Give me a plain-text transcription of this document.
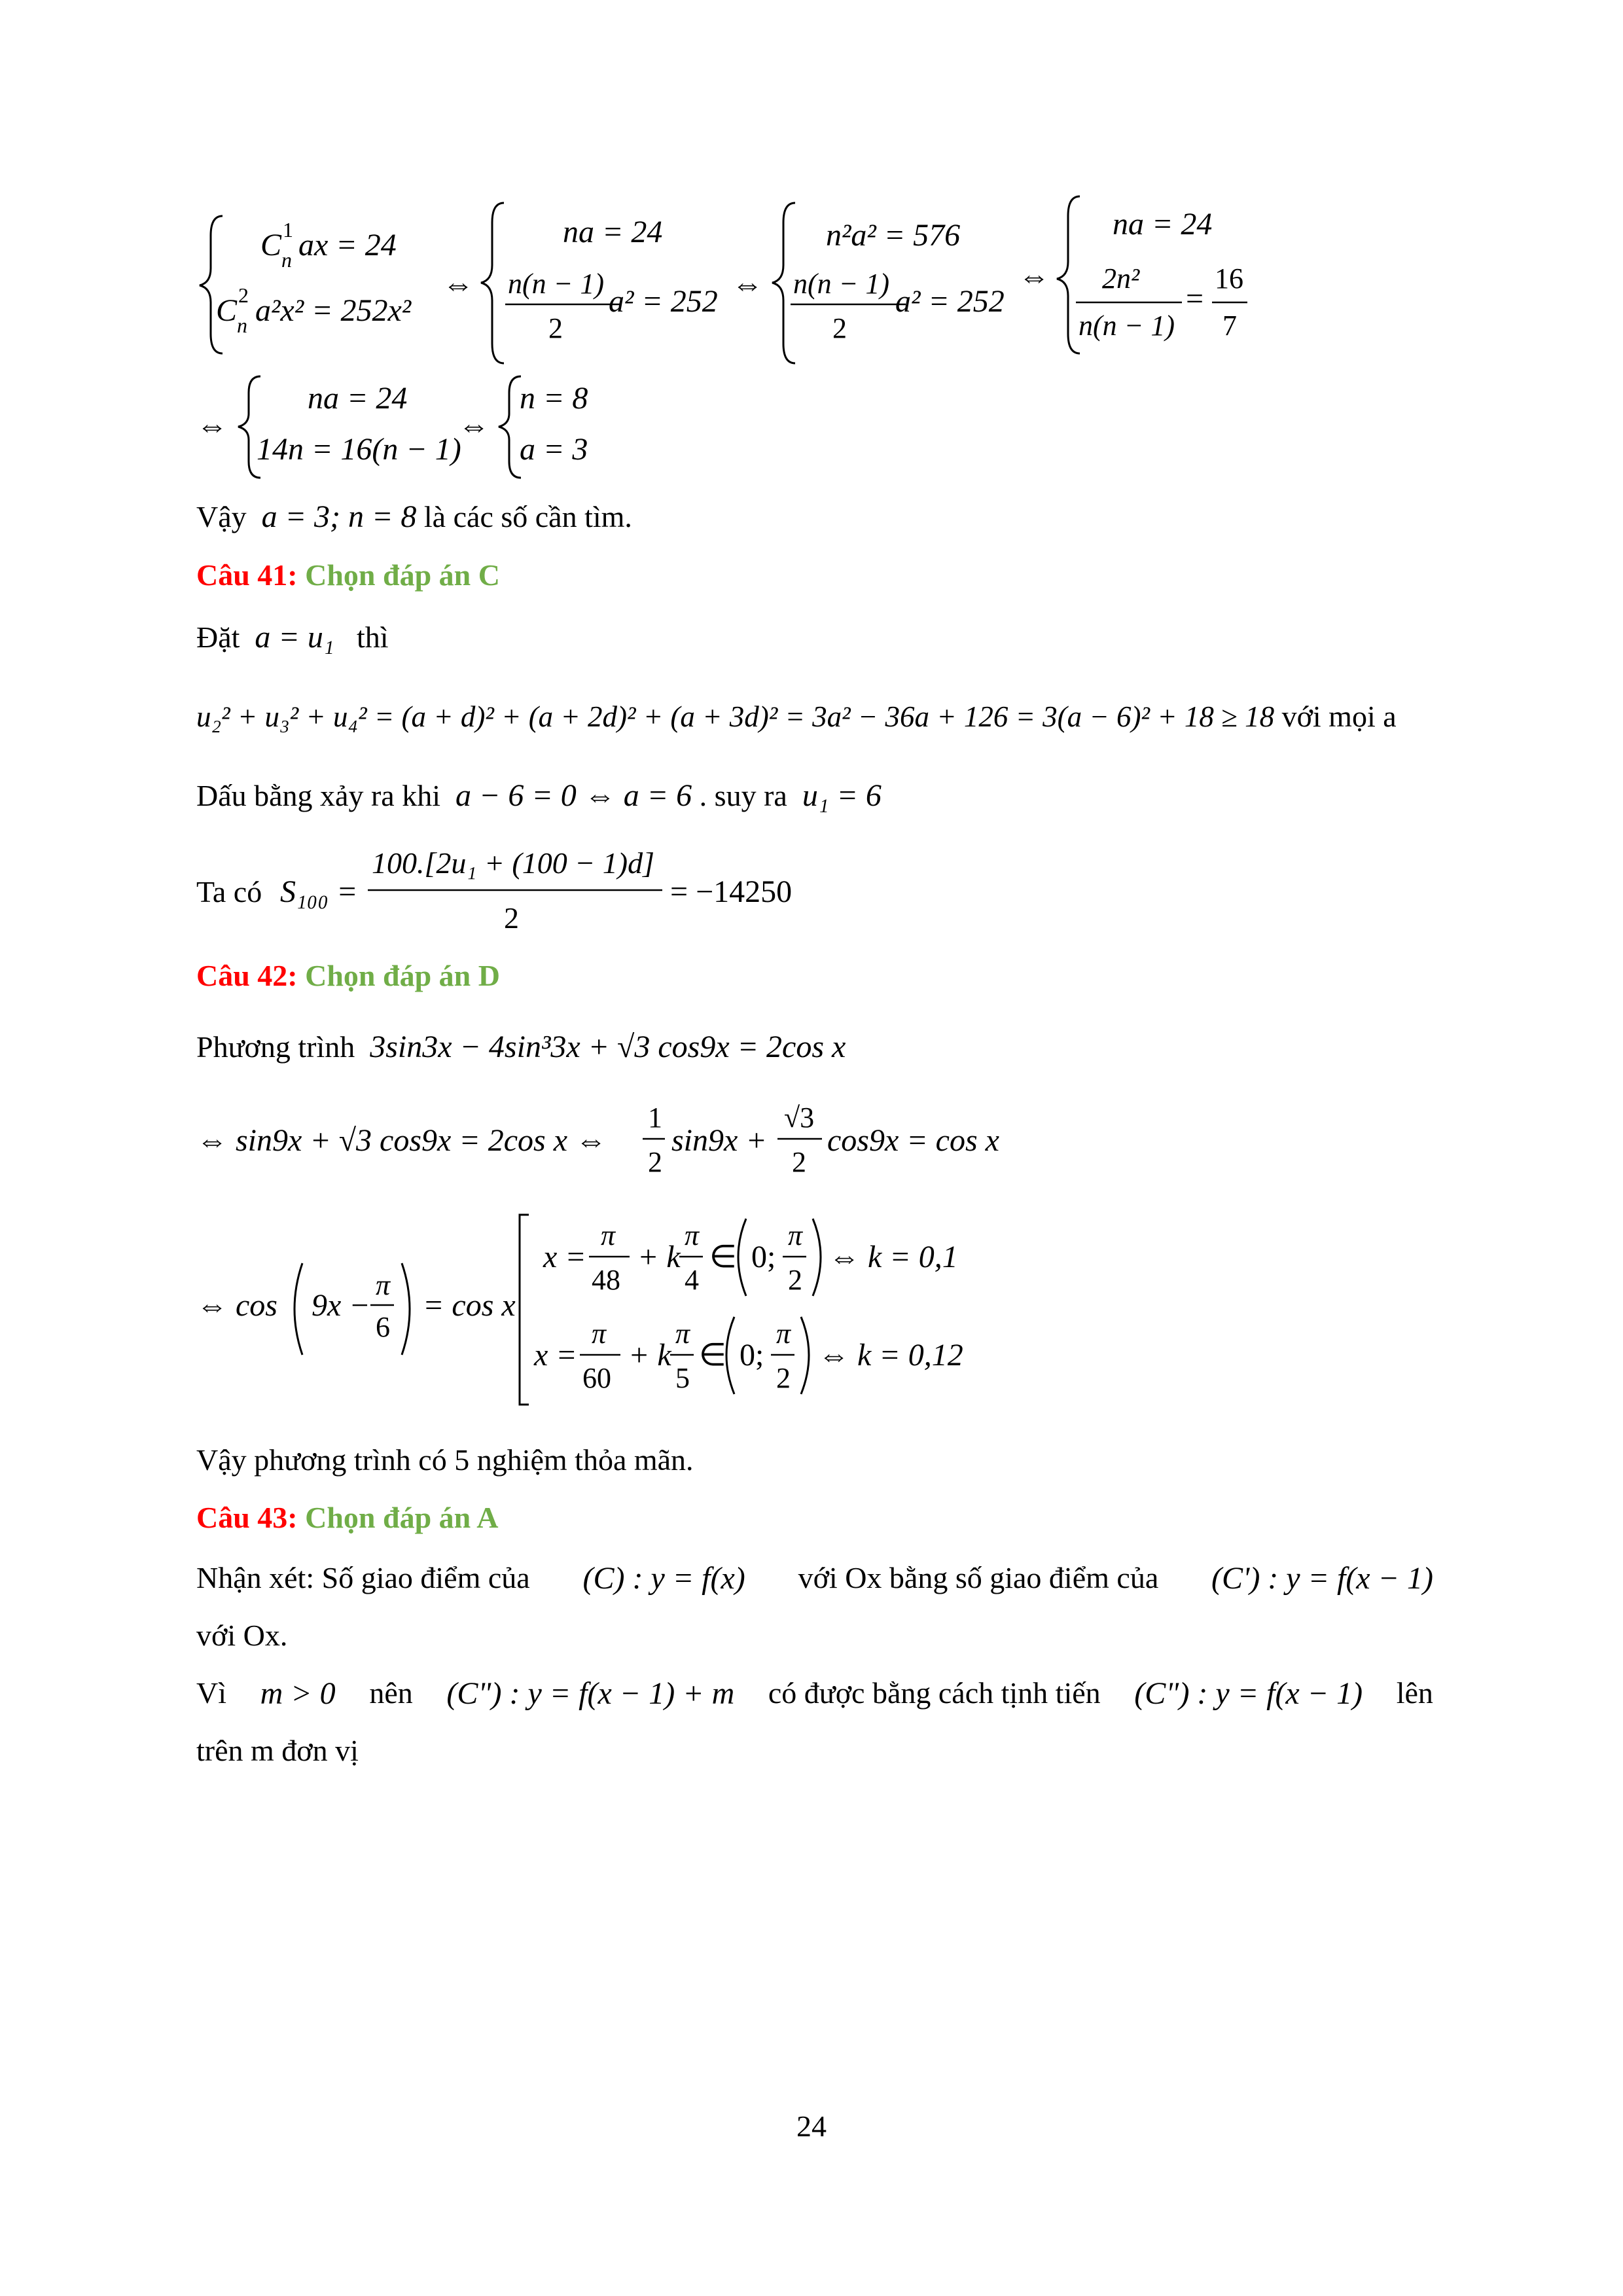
C 1
n ax = 24
C 2
n a²x² = 252x²
⇔
na = 24
n(n − 1)
2
a² = 252 ⇔
n²a² = 576
n(n − 1)
2
a² = 252
⇔
na = 24
2n²
n(n − 1)
=
16
7
⇔
na = 24
14n = 16(n − 1)
⇔
n = 8
a = 3
Vậy a = 3; n = 8 là các số cần tìm.
Câu 41: Chọn đáp án C
Đặt a = u₁ thì
u₂² + u₃² + u₄² = (a + d)² + (a + 2d)² + (a + 3d)² = 3a² − 36a + 126 = 3(a − 6)² + 18 ≥ 18 với mọi a
Dấu bằng xảy ra khi a − 6 = 0 ⇔ a = 6 . suy ra u₁ = 6
Ta có S₁₀₀ =
100.[2u₁ + (100 − 1)d]
2
= −14250
Câu 42: Chọn đáp án D
Phương trình 3sin3x − 4sin³3x + √3 cos9x = 2cos x
⇔ sin9x + √3 cos9x = 2cos x ⇔
1
2
sin9x +
√3
2
cos9x = cos x
⇔ cos 9x −
π
6
= cos x
x =
π
48
+ k
π
4
∈ 0;
π
2
⇔ k = 0,1
x =
π
60
+ k
π
5
∈ 0;
π
2
⇔ k = 0,12
Vậy phương trình có 5 nghiệm thỏa mãn.
Câu 43: Chọn đáp án A
Nhận xét: Số giao điểm của (C) : y = f(x) với Ox bằng số giao điểm của (C') : y = f(x − 1)
với Ox.
Vì m > 0 nên (C") : y = f(x − 1) + m có được bằng cách tịnh tiến (C") : y = f(x − 1) lên
trên m đơn vị
24
